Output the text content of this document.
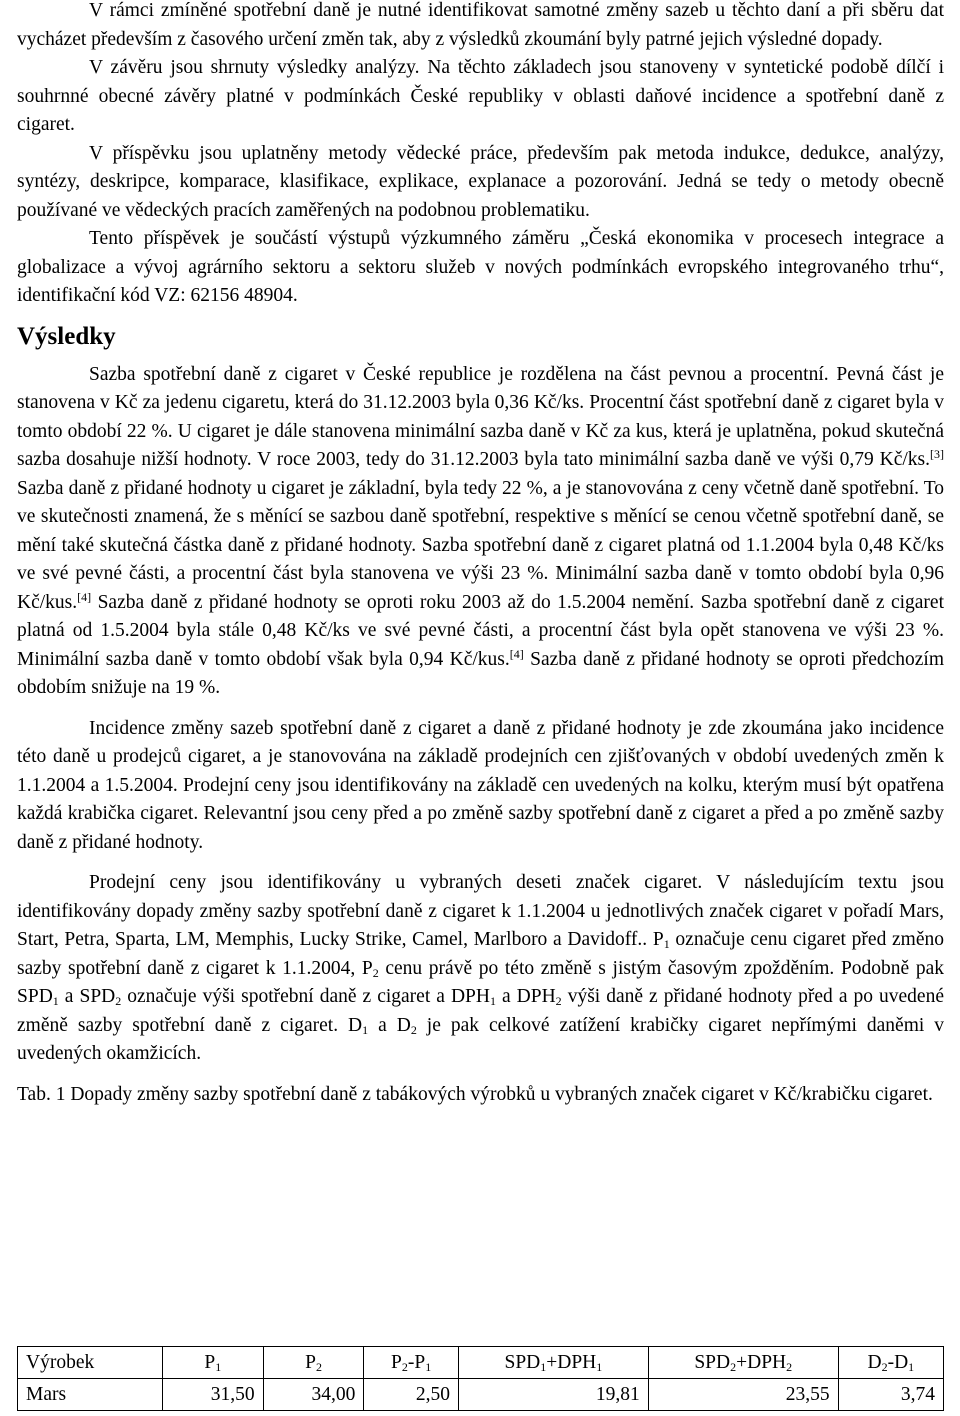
V rámci zmíněné spotřební daně je nutné identifikovat samotné změny sazeb u těchto daní a při sběru dat vycházet především z časového určení změn tak, aby z výsledků zkoumání byly patrné jejich výsledné dopady.
V závěru jsou shrnuty výsledky analýzy. Na těchto základech jsou stanoveny v syntetické podobě dílčí i souhrnné obecné závěry platné v podmínkách České republiky v oblasti daňové incidence a spotřební daně z cigaret.

V příspěvku jsou uplatněny metody vědecké práce, především pak metoda indukce, dedukce, analýzy, syntézy, deskripce, komparace, klasifikace, explikace, explanace a pozorování. Jedná se tedy o metody obecně používané ve vědeckých pracích zaměřených na podobnou problematiku.

Tento příspěvek je součástí výstupů výzkumného záměru „Česká ekonomika v procesech integrace a globalizace a vývoj agrárního sektoru a sektoru služeb v nových podmínkách evropského integrovaného trhu“, identifikační kód VZ: 62156 48904.

Výsledky

Sazba spotřební daně z cigaret v České republice je rozdělena na část pevnou a procentní. Pevná část je stanovena v Kč za jedenu cigaretu, která do 31.12.2003 byla 0,36 Kč/ks. Procentní část spotřební daně z cigaret byla v tomto období 22 %. U cigaret je dále stanovena minimální sazba daně v Kč za kus, která je uplatněna, pokud skutečná sazba dosahuje nižší hodnoty. V roce 2003, tedy do 31.12.2003 byla tato minimální sazba daně ve výši 0,79 Kč/ks.[3] Sazba daně z přidané hodnoty u cigaret je základní, byla tedy 22 %, a je stanovována z ceny včetně daně spotřební. To ve skutečnosti znamená, že s měnící se sazbou daně spotřební, respektive s měnící se cenou včetně spotřební daně, se mění také skutečná částka daně z přidané hodnoty. Sazba spotřební daně z cigaret platná od 1.1.2004 byla 0,48 Kč/ks ve své pevné části, a procentní část byla stanovena ve výši 23 %. Minimální sazba daně v tomto období byla 0,96 Kč/kus.[4] Sazba daně z přidané hodnoty se oproti roku 2003 až do 1.5.2004 nemění. Sazba spotřební daně z cigaret platná od 1.5.2004 byla stále 0,48 Kč/ks ve své pevné části, a procentní část byla opět stanovena ve výši 23 %. Minimální sazba daně v tomto období však byla 0,94 Kč/kus.[4] Sazba daně z přidané hodnoty se oproti předchozím obdobím snižuje na 19 %.

Incidence změny sazeb spotřební daně z cigaret a daně z přidané hodnoty je zde zkoumána jako incidence této daně u prodejců cigaret, a je stanovována na základě prodejních cen zjišťovaných v období uvedených změn k 1.1.2004 a 1.5.2004. Prodejní ceny jsou identifikovány na základě cen uvedených na kolku, kterým musí být opatřena každá krabička cigaret. Relevantní jsou ceny před a po změně sazby spotřební daně z cigaret a před a po změně sazby daně z přidané hodnoty.

Prodejní ceny jsou identifikovány u vybraných deseti značek cigaret. V následujícím textu jsou identifikovány dopady změny sazby spotřební daně z cigaret k 1.1.2004 u jednotlivých značek cigaret v pořadí Mars, Start, Petra, Sparta, LM, Memphis, Lucky Strike, Camel, Marlboro a Davidoff.. $P_1$ označuje cenu cigaret před změno sazby spotřební daně z cigaret k 1.1.2004, $P_2$ cenu právě po této změně s jistým časovým zpožděním. Podobně pak $SPD_1$ a $SPD_2$ označuje výši spotřební daně z cigaret a $DPH_1$ a $DPH_2$ výši daně z přidané hodnoty před a po uvedené změně sazby spotřební daně z cigaret. $D_1$ a $D_2$ je pak celkové zatížení krabičky cigaret nepřímými daněmi v uvedených okamžicích.

Tab. 1 Dopady změny sazby spotřební daně z tabákových výrobků u vybraných značek cigaret v Kč/krabičku cigaret.

Výrobek	$P_1$	$P_2$	$P_2-P_1$	$SPD_1+DPH_1$	$SPD_2+DPH_2$	$D_2-D_1$
Mars	31,50	34,00	2,50	19,81	23,55	3,74
